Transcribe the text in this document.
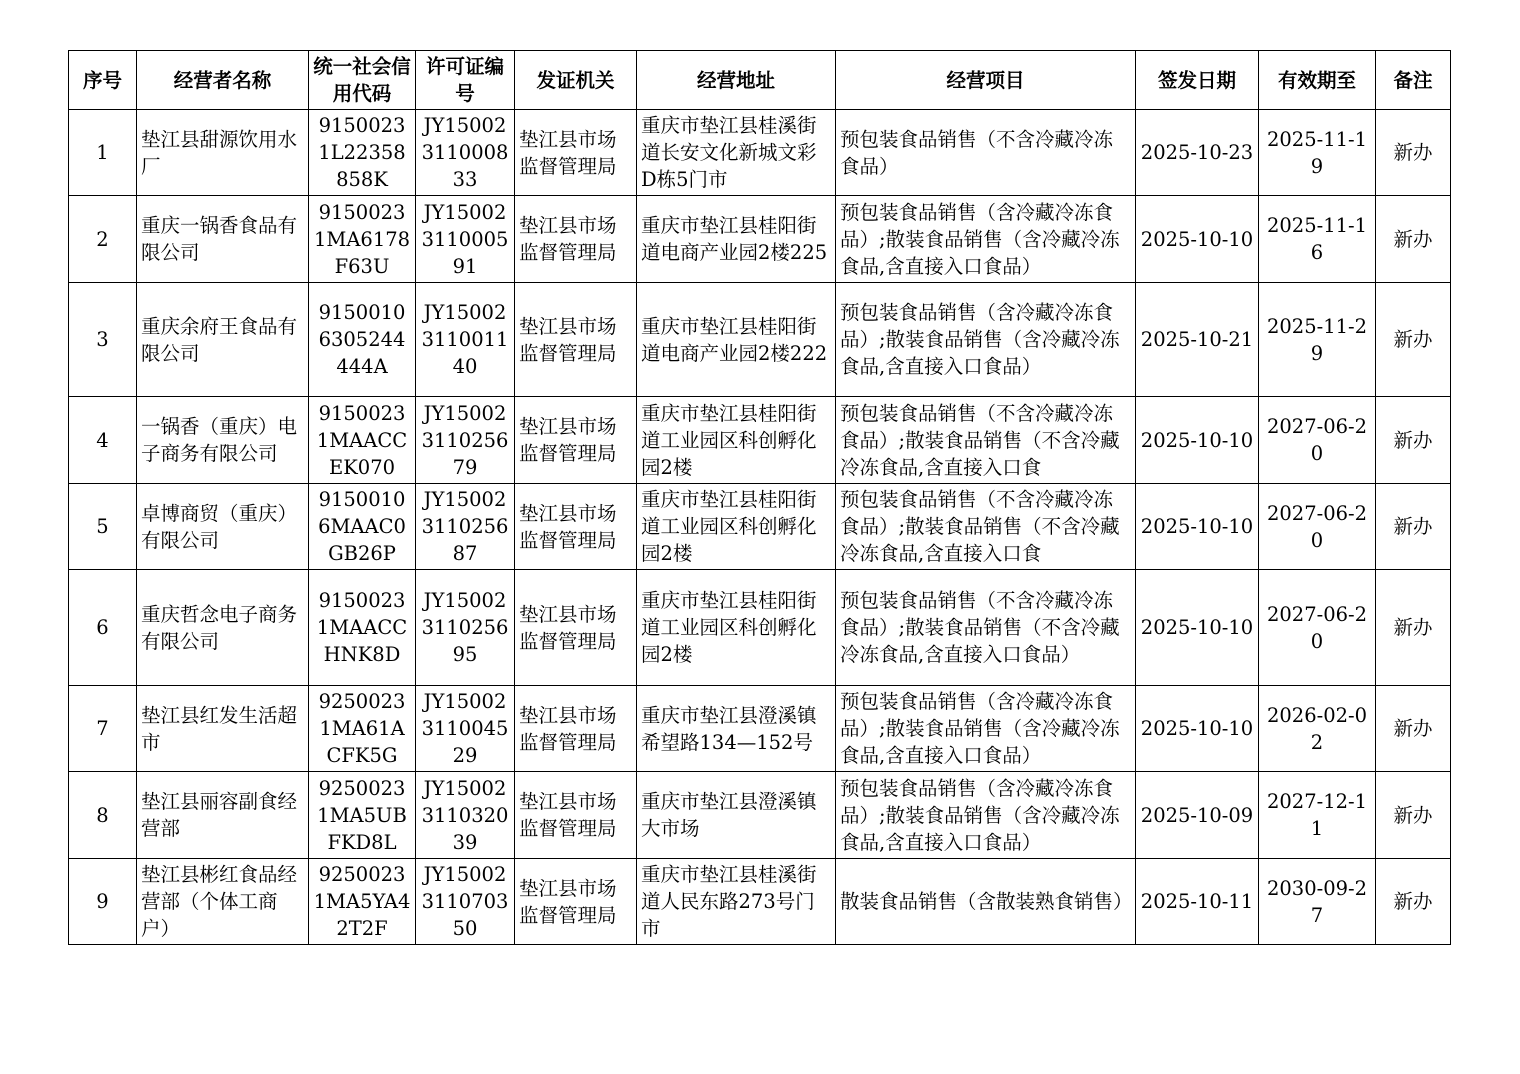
序号	经营者名称	统一社会信用代码	许可证编号	发证机关	经营地址	经营项目	签发日期	有效期至	备注
1	垫江县甜源饮用水厂	91500231L22358858K	JY15002311000833	垫江县市场监督管理局	重庆市垫江县桂溪街道长安文化新城文彩D栋5门市	预包装食品销售（不含冷藏冷冻食品）	2025-10-23	2025-11-19	新办
2	重庆一锅香食品有限公司	91500231MA6178F63U	JY15002311000591	垫江县市场监督管理局	重庆市垫江县桂阳街道电商产业园2楼225	预包装食品销售（含冷藏冷冻食品）;散装食品销售（含冷藏冷冻食品,含直接入口食品）	2025-10-10	2025-11-16	新办
3	重庆余府王食品有限公司	91500106305244444A	JY15002311001140	垫江县市场监督管理局	重庆市垫江县桂阳街道电商产业园2楼222	预包装食品销售（含冷藏冷冻食品）;散装食品销售（含冷藏冷冻食品,含直接入口食品）	2025-10-21	2025-11-29	新办
4	一锅香（重庆）电子商务有限公司	91500231MAACCEK070	JY15002311025679	垫江县市场监督管理局	重庆市垫江县桂阳街道工业园区科创孵化园2楼	预包装食品销售（不含冷藏冷冻食品）;散装食品销售（不含冷藏冷冻食品,含直接入口食	2025-10-10	2027-06-20	新办
5	卓博商贸（重庆）有限公司	91500106MAAC0GB26P	JY15002311025687	垫江县市场监督管理局	重庆市垫江县桂阳街道工业园区科创孵化园2楼	预包装食品销售（不含冷藏冷冻食品）;散装食品销售（不含冷藏冷冻食品,含直接入口食	2025-10-10	2027-06-20	新办
6	重庆哲念电子商务有限公司	91500231MAACCHNK8D	JY15002311025695	垫江县市场监督管理局	重庆市垫江县桂阳街道工业园区科创孵化园2楼	预包装食品销售（不含冷藏冷冻食品）;散装食品销售（不含冷藏冷冻食品,含直接入口食品）	2025-10-10	2027-06-20	新办
7	垫江县红发生活超市	92500231MA61ACFK5G	JY15002311004529	垫江县市场监督管理局	重庆市垫江县澄溪镇希望路134—152号	预包装食品销售（含冷藏冷冻食品）;散装食品销售（含冷藏冷冻食品,含直接入口食品）	2025-10-10	2026-02-02	新办
8	垫江县丽容副食经营部	92500231MA5UBFKD8L	JY15002311032039	垫江县市场监督管理局	重庆市垫江县澄溪镇大市场	预包装食品销售（含冷藏冷冻食品）;散装食品销售（含冷藏冷冻食品,含直接入口食品）	2025-10-09	2027-12-11	新办
9	垫江县彬红食品经营部（个体工商户）	92500231MA5YA42T2F	JY15002311070350	垫江县市场监督管理局	重庆市垫江县桂溪街道人民东路273号门市	散装食品销售（含散装熟食销售）	2025-10-11	2030-09-27	新办
